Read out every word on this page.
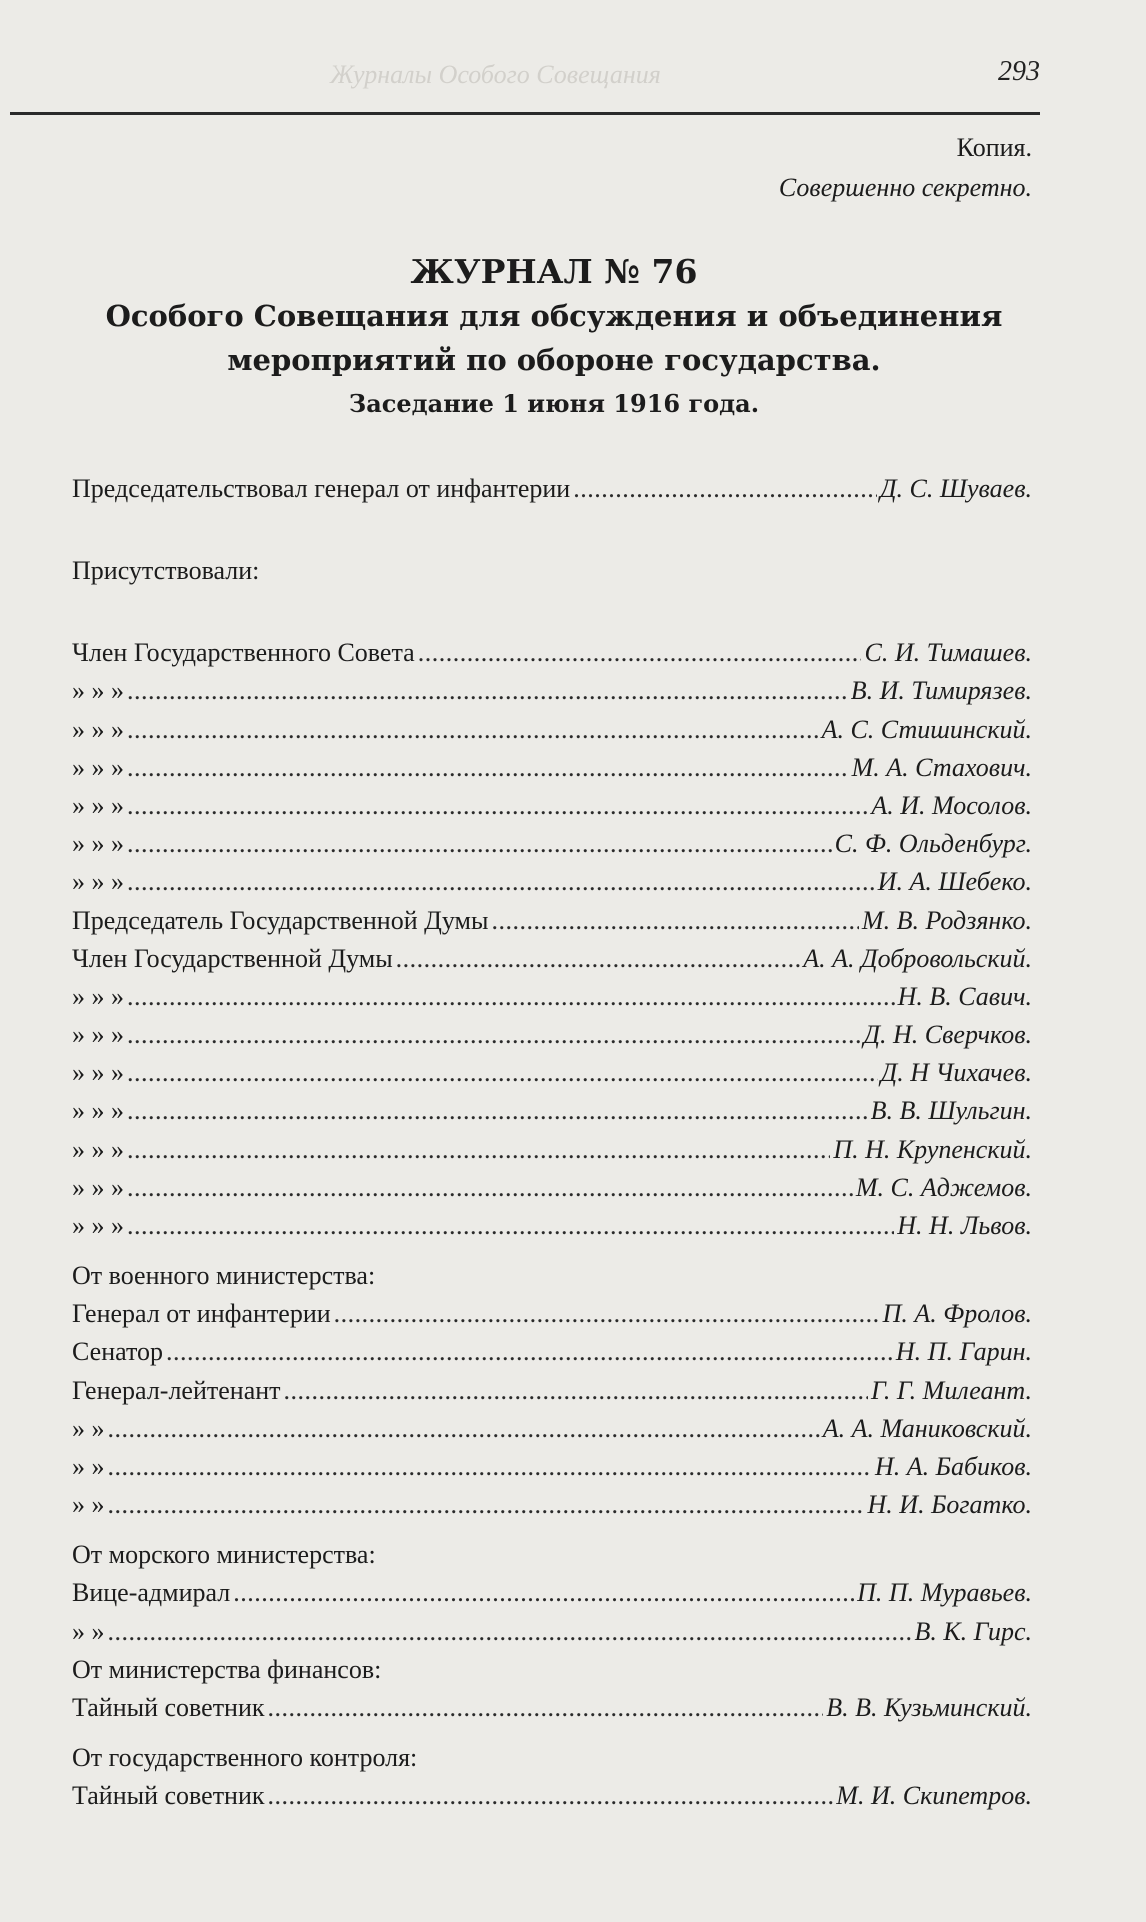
Журналы Особого Совещания	293
Копия.
Совершенно секретно.
ЖУРНАЛ № 76
Особого Совещания для обсуждения и объединения
мероприятий по обороне государства.
Заседание 1 июня 1916 года.
Председательствовал генерал от инфантерии . . .	Д. С. Шуваев.
Присутствовали:
Член Государственного Совета . . .	С. И. Тимашев.
» » » . . .	В. И. Тимирязев.
» » » . . .	А. С. Стишинский.
» » » . . .	М. А. Стахович.
» » » . . .	А. И. Мосолов.
» » » . . .	С. Ф. Ольденбург.
» » » . . .	И. А. Шебеко.
Председатель Государственной Думы . . .	М. В. Родзянко.
Член Государственной Думы . . .	А. А. Добровольский.
» » » . . .	Н. В. Савич.
» » » . . .	Д. Н. Сверчков.
» » » . . .	Д. Н Чихачев.
» » » . . .	В. В. Шульгин.
» » » . . .	П. Н. Крупенский.
» » » . . .	М. С. Аджемов.
» » » . . .	Н. Н. Львов.
От военного министерства:
Генерал от инфантерии . . .	П. А. Фролов.
Сенатор . . .	Н. П. Гарин.
Генерал-лейтенант . . .	Г. Г. Милеант.
» » . . .	А. А. Маниковский.
» » . . .	Н. А. Бабиков.
» » . . .	Н. И. Богатко.
От морского министерства:
Вице-адмирал . . .	П. П. Муравьев.
» » . . .	В. К. Гирс.
От министерства финансов:
Тайный советник . . .	В. В. Кузьминский.
От государственного контроля:
Тайный советник . . .	М. И. Скипетров.
